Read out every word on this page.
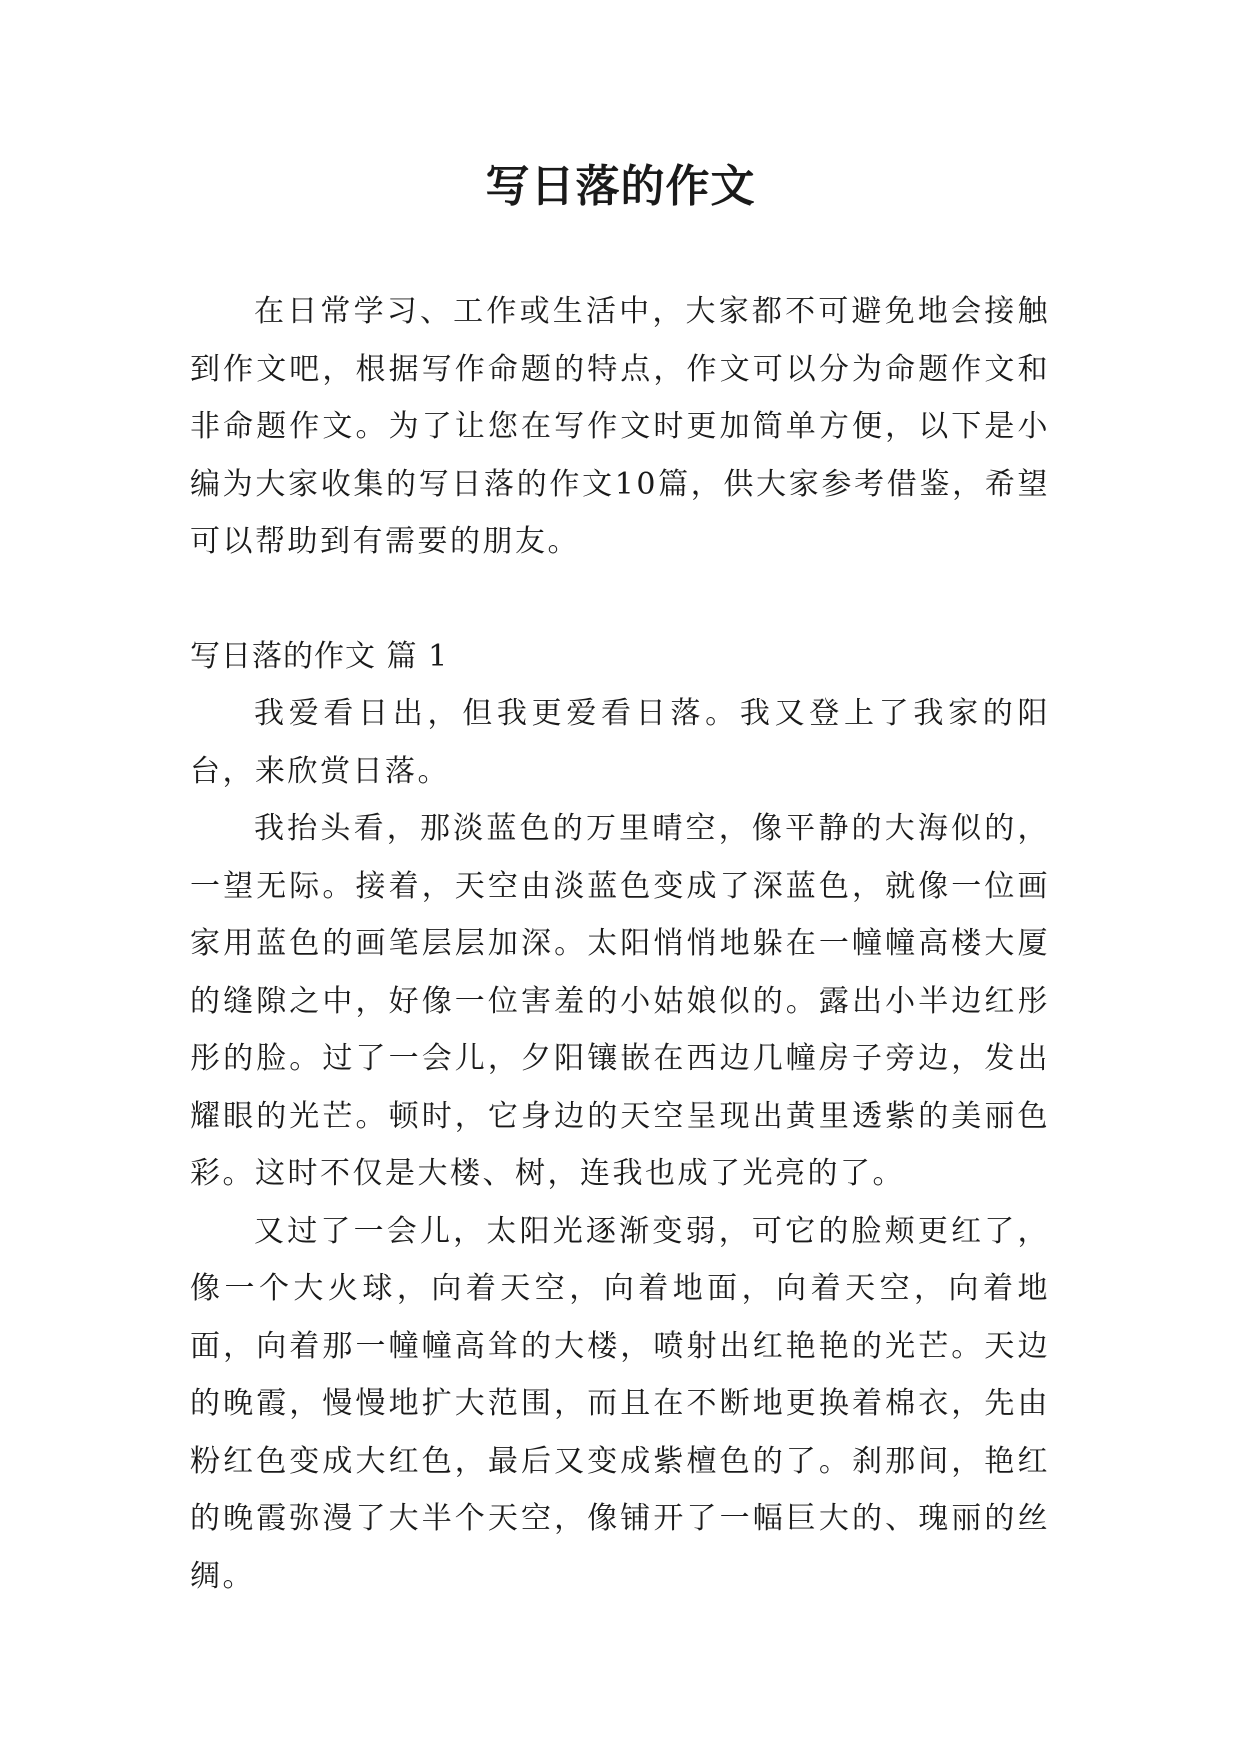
写日落的作文

在日常学习、工作或生活中，大家都不可避免地会接触到作文吧，根据写作命题的特点，作文可以分为命题作文和非命题作文。为了让您在写作文时更加简单方便，以下是小编为大家收集的写日落的作文10篇，供大家参考借鉴，希望可以帮助到有需要的朋友。

写日落的作文 篇 1

我爱看日出，但我更爱看日落。我又登上了我家的阳台，来欣赏日落。

我抬头看，那淡蓝色的万里晴空，像平静的大海似的，一望无际。接着，天空由淡蓝色变成了深蓝色，就像一位画家用蓝色的画笔层层加深。太阳悄悄地躲在一幢幢高楼大厦的缝隙之中，好像一位害羞的小姑娘似的。露出小半边红彤彤的脸。过了一会儿，夕阳镶嵌在西边几幢房子旁边，发出耀眼的光芒。顿时，它身边的天空呈现出黄里透紫的美丽色彩。这时不仅是大楼、树，连我也成了光亮的了。

又过了一会儿，太阳光逐渐变弱，可它的脸颊更红了，像一个大火球，向着天空，向着地面，向着天空，向着地面，向着那一幢幢高耸的大楼，喷射出红艳艳的光芒。天边的晚霞，慢慢地扩大范围，而且在不断地更换着棉衣，先由粉红色变成大红色，最后又变成紫檀色的了。刹那间，艳红的晚霞弥漫了大半个天空，像铺开了一幅巨大的、瑰丽的丝绸。
